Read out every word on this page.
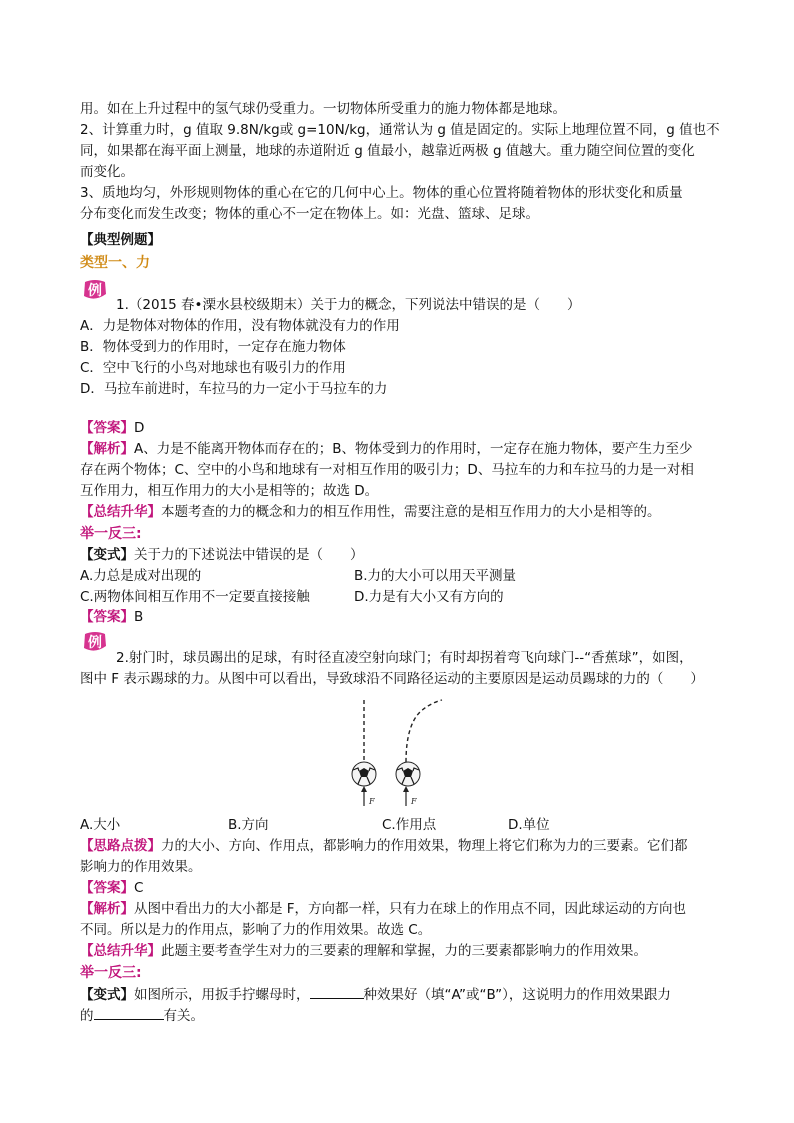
用。如在上升过程中的氢气球仍受重力。一切物体所受重力的施力物体都是地球。
2、计算重力时，g 值取 9.8N/kg或 g=10N/kg，通常认为 g 值是固定的。实际上地理位置不同，g 值也不
同，如果都在海平面上测量，地球的赤道附近 g 值最小，越靠近两极 g 值越大。重力随空间位置的变化
而变化。
3、质地均匀，外形规则物体的重心在它的几何中心上。物体的重心位置将随着物体的形状变化和质量
分布变化而发生改变；物体的重心不一定在物体上。如：光盘、篮球、足球。
【典型例题】
类型一、力
例
1.（2015 春•溧水县校级期末）关于力的概念，下列说法中错误的是（　　）
A．力是物体对物体的作用，没有物体就没有力的作用
B．物体受到力的作用时，一定存在施力物体
C．空中飞行的小鸟对地球也有吸引力的作用
D．马拉车前进时，车拉马的力一定小于马拉车的力
【答案】D
【解析】A、力是不能离开物体而存在的；B、物体受到力的作用时，一定存在施力物体，要产生力至少
存在两个物体；C、空中的小鸟和地球有一对相互作用的吸引力；D、马拉车的力和车拉马的力是一对相
互作用力，相互作用力的大小是相等的；故选 D。
【总结升华】本题考查的力的概念和力的相互作用性，需要注意的是相互作用力的大小是相等的。
举一反三:
【变式】关于力的下述说法中错误的是（　　）
A.力总是成对出现的	B.力的大小可以用天平测量
C.两物体间相互作用不一定要直接接触	D.力是有大小又有方向的
【答案】B
例
2.射门时，球员踢出的足球，有时径直凌空射向球门；有时却拐着弯飞向球门--“香蕉球”，如图，
图中 F 表示踢球的力。从图中可以看出，导致球沿不同路径运动的主要原因是运动员踢球的力的（　　）
F	F
A.大小	B.方向	C.作用点	D.单位
【思路点拨】力的大小、方向、作用点，都影响力的作用效果，物理上将它们称为力的三要素。它们都
影响力的作用效果。
【答案】C
【解析】从图中看出力的大小都是 F，方向都一样，只有力在球上的作用点不同，因此球运动的方向也
不同。所以是力的作用点，影响了力的作用效果。故选 C。
【总结升华】此题主要考查学生对力的三要素的理解和掌握，力的三要素都影响力的作用效果。
举一反三:
【变式】如图所示，用扳手拧螺母时，	种效果好（填“A”或“B”），这说明力的作用效果跟力
的	有关。
